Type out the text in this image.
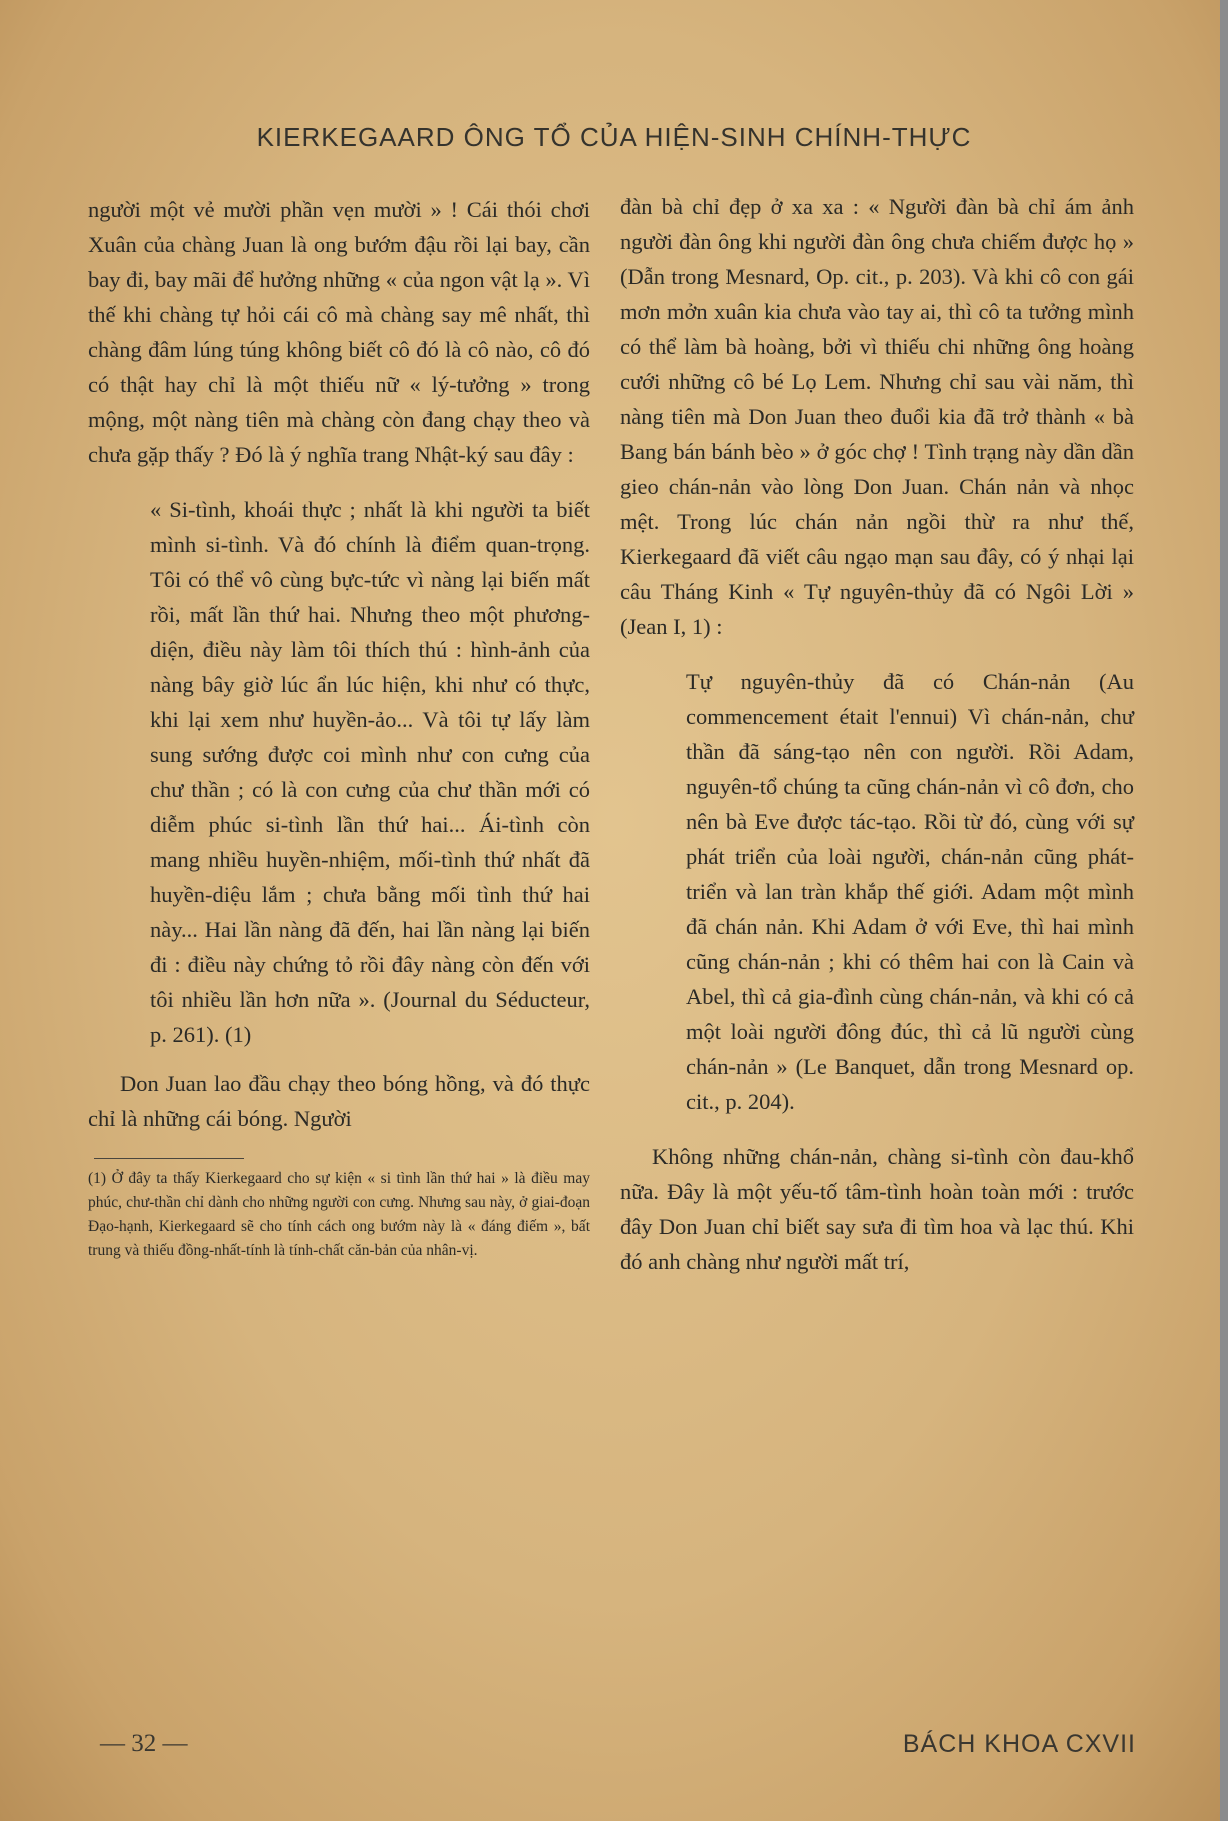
KIERKEGAARD ÔNG TỔ CỦA HIỆN-SINH CHÍNH-THỰC

người một vẻ mười phần vẹn mười » ! Cái thói chơi Xuân của chàng Juan là ong bướm đậu rồi lại bay, cần bay đi, bay mãi để hưởng những « của ngon vật lạ ». Vì thế khi chàng tự hỏi cái cô mà chàng say mê nhất, thì chàng đâm lúng túng không biết cô đó là cô nào, cô đó có thật hay chỉ là một thiếu nữ « lý-tưởng » trong mộng, một nàng tiên mà chàng còn đang chạy theo và chưa gặp thấy ? Đó là ý nghĩa trang Nhật-ký sau đây :

« Si-tình, khoái thực ; nhất là khi người ta biết mình si-tình. Và đó chính là điểm quan-trọng. Tôi có thể vô cùng bực-tức vì nàng lại biến mất rồi, mất lần thứ hai. Nhưng theo một phương-diện, điều này làm tôi thích thú : hình-ảnh của nàng bây giờ lúc ẩn lúc hiện, khi như có thực, khi lại xem như huyền-ảo... Và tôi tự lấy làm sung sướng được coi mình như con cưng của chư thần ; có là con cưng của chư thần mới có diễm phúc si-tình lần thứ hai... Ái-tình còn mang nhiều huyền-nhiệm, mối-tình thứ nhất đã huyền-diệu lắm ; chưa bằng mối tình thứ hai này... Hai lần nàng đã đến, hai lần nàng lại biến đi : điều này chứng tỏ rồi đây nàng còn đến với tôi nhiều lần hơn nữa ». (Journal du Séducteur, p. 261). (1)

Don Juan lao đầu chạy theo bóng hồng, và đó thực chỉ là những cái bóng. Người

(1) Ở đây ta thấy Kierkegaard cho sự kiện « si tình lần thứ hai » là điều may phúc, chư-thần chỉ dành cho những người con cưng. Nhưng sau này, ở giai-đoạn Đạo-hạnh, Kierkegaard sẽ cho tính cách ong bướm này là « đáng điếm », bất trung và thiếu đồng-nhất-tính là tính-chất căn-bản của nhân-vị.

đàn bà chỉ đẹp ở xa xa : « Người đàn bà chỉ ám ảnh người đàn ông khi người đàn ông chưa chiếm được họ » (Dẫn trong Mesnard, Op. cit., p. 203). Và khi cô con gái mơn mởn xuân kia chưa vào tay ai, thì cô ta tưởng mình có thể làm bà hoàng, bởi vì thiếu chi những ông hoàng cưới những cô bé Lọ Lem. Nhưng chỉ sau vài năm, thì nàng tiên mà Don Juan theo đuổi kia đã trở thành « bà Bang bán bánh bèo » ở góc chợ ! Tình trạng này dần dần gieo chán-nản vào lòng Don Juan. Chán nản và nhọc mệt. Trong lúc chán nản ngồi thừ ra như thế, Kierkegaard đã viết câu ngạo mạn sau đây, có ý nhại lại câu Tháng Kinh « Tự nguyên-thủy đã có Ngôi Lời » (Jean I, 1) :

Tự nguyên-thủy đã có Chán-nản (Au commencement était l'ennui) Vì chán-nản, chư thần đã sáng-tạo nên con người. Rồi Adam, nguyên-tổ chúng ta cũng chán-nản vì cô đơn, cho nên bà Eve được tác-tạo. Rồi từ đó, cùng với sự phát triển của loài người, chán-nản cũng phát-triển và lan tràn khắp thế giới. Adam một mình đã chán nản. Khi Adam ở với Eve, thì hai mình cũng chán-nản ; khi có thêm hai con là Cain và Abel, thì cả gia-đình cùng chán-nản, và khi có cả một loài người đông đúc, thì cả lũ người cùng chán-nản » (Le Banquet, dẫn trong Mesnard op. cit., p. 204).

Không những chán-nản, chàng si-tình còn đau-khổ nữa. Đây là một yếu-tố tâm-tình hoàn toàn mới : trước đây Don Juan chỉ biết say sưa đi tìm hoa và lạc thú. Khi đó anh chàng như người mất trí,

— 32 —	BÁCH KHOA CXVII
